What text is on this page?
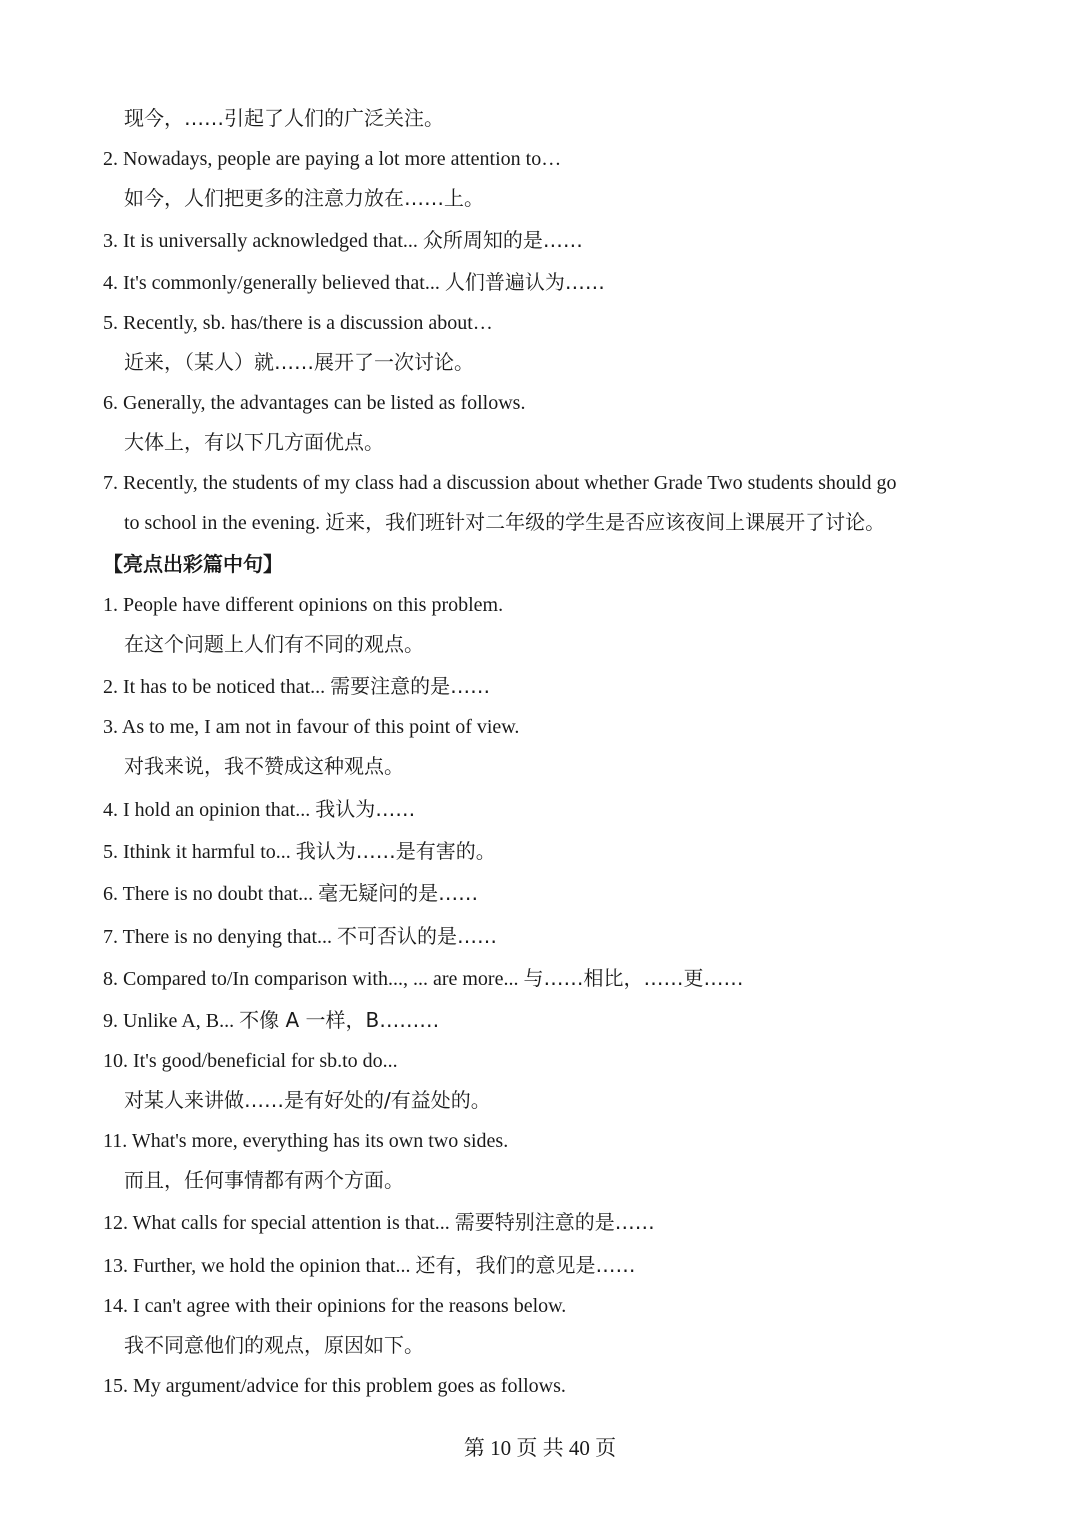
现今，……引起了人们的广泛关注。
2. Nowadays, people are paying a lot more attention to…
如今，人们把更多的注意力放在……上。
3. It is universally acknowledged that... 众所周知的是……
4. It's commonly/generally believed that... 人们普遍认为……
5. Recently, sb. has/there is a discussion about…
近来，（某人）就……展开了一次讨论。
6. Generally, the advantages can be listed as follows.
大体上，有以下几方面优点。
7. Recently, the students of my class had a discussion about whether Grade Two students should go
to school in the evening. 近来，我们班针对二年级的学生是否应该夜间上课展开了讨论。
【亮点出彩篇中句】
1. People have different opinions on this problem.
在这个问题上人们有不同的观点。
2. It has to be noticed that... 需要注意的是……
3. As to me, I am not in favour of this point of view.
对我来说，我不赞成这种观点。
4. I hold an opinion that... 我认为……
5. Ithink it harmful to... 我认为……是有害的。
6. There is no doubt that... 毫无疑问的是……
7. There is no denying that... 不可否认的是……
8. Compared to/In comparison with..., ... are more... 与……相比，……更……
9. Unlike A, B... 不像 A 一样，B………
10. It's good/beneficial for sb.to do...
对某人来讲做……是有好处的/有益处的。
11. What's more, everything has its own two sides.
而且，任何事情都有两个方面。
12. What calls for special attention is that... 需要特别注意的是……
13. Further, we hold the opinion that... 还有，我们的意见是……
14. I can't agree with their opinions for the reasons below.
我不同意他们的观点，原因如下。
15. My argument/advice for this problem goes as follows.
第 10 页 共 40 页
